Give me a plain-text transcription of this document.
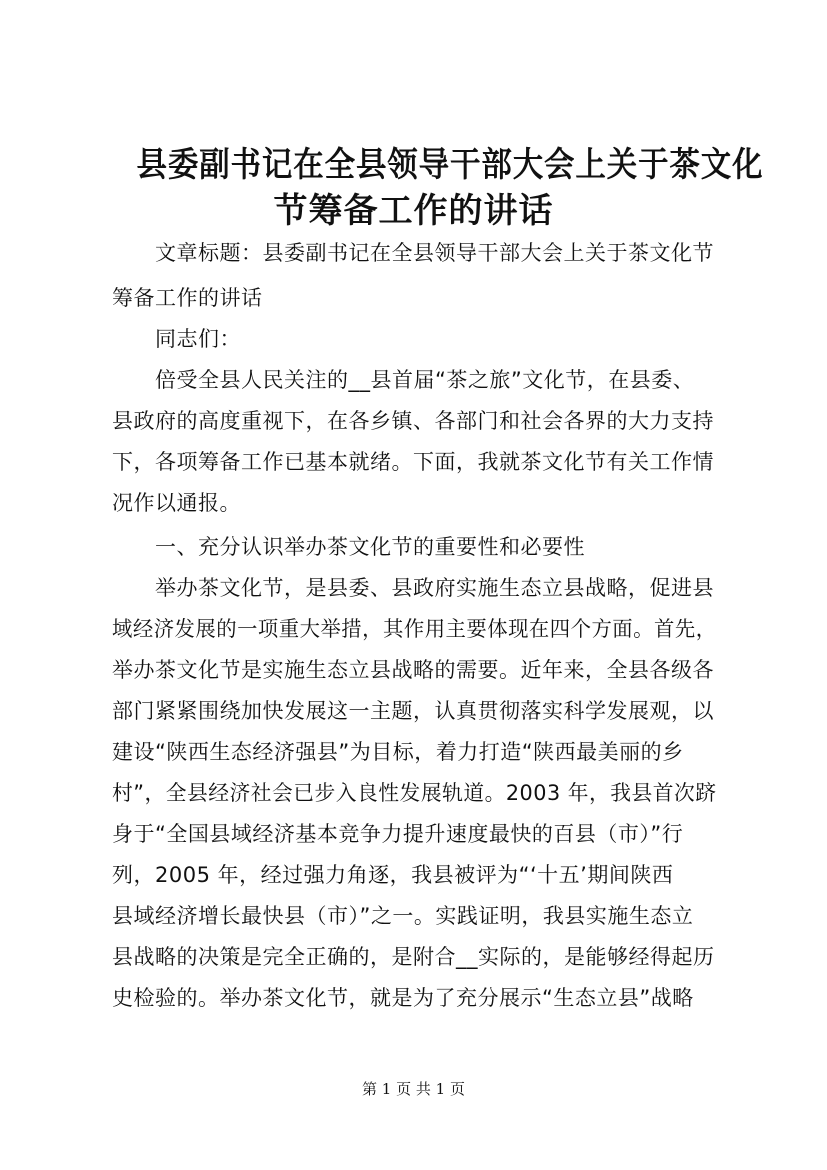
县委副书记在全县领导干部大会上关于茶文化
节筹备工作的讲话

文章标题：县委副书记在全县领导干部大会上关于茶文化节

筹备工作的讲话

同志们：

倍受全县人民关注的__县首届“茶之旅”文化节，在县委、

县政府的高度重视下，在各乡镇、各部门和社会各界的大力支持

下，各项筹备工作已基本就绪。下面，我就茶文化节有关工作情

况作以通报。

一、充分认识举办茶文化节的重要性和必要性

举办茶文化节，是县委、县政府实施生态立县战略，促进县

域经济发展的一项重大举措，其作用主要体现在四个方面。首先，

举办茶文化节是实施生态立县战略的需要。近年来，全县各级各

部门紧紧围绕加快发展这一主题，认真贯彻落实科学发展观，以

建设“陕西生态经济强县”为目标，着力打造“陕西最美丽的乡

村”，全县经济社会已步入良性发展轨道。2003 年，我县首次跻

身于“全国县域经济基本竞争力提升速度最快的百县（市）”行

列，2005 年，经过强力角逐，我县被评为“‘十五’期间陕西

县域经济增长最快县（市）”之一。实践证明，我县实施生态立

县战略的决策是完全正确的，是附合__实际的，是能够经得起历

史检验的。举办茶文化节，就是为了充分展示“生态立县”战略

第 1 页 共 1 页
